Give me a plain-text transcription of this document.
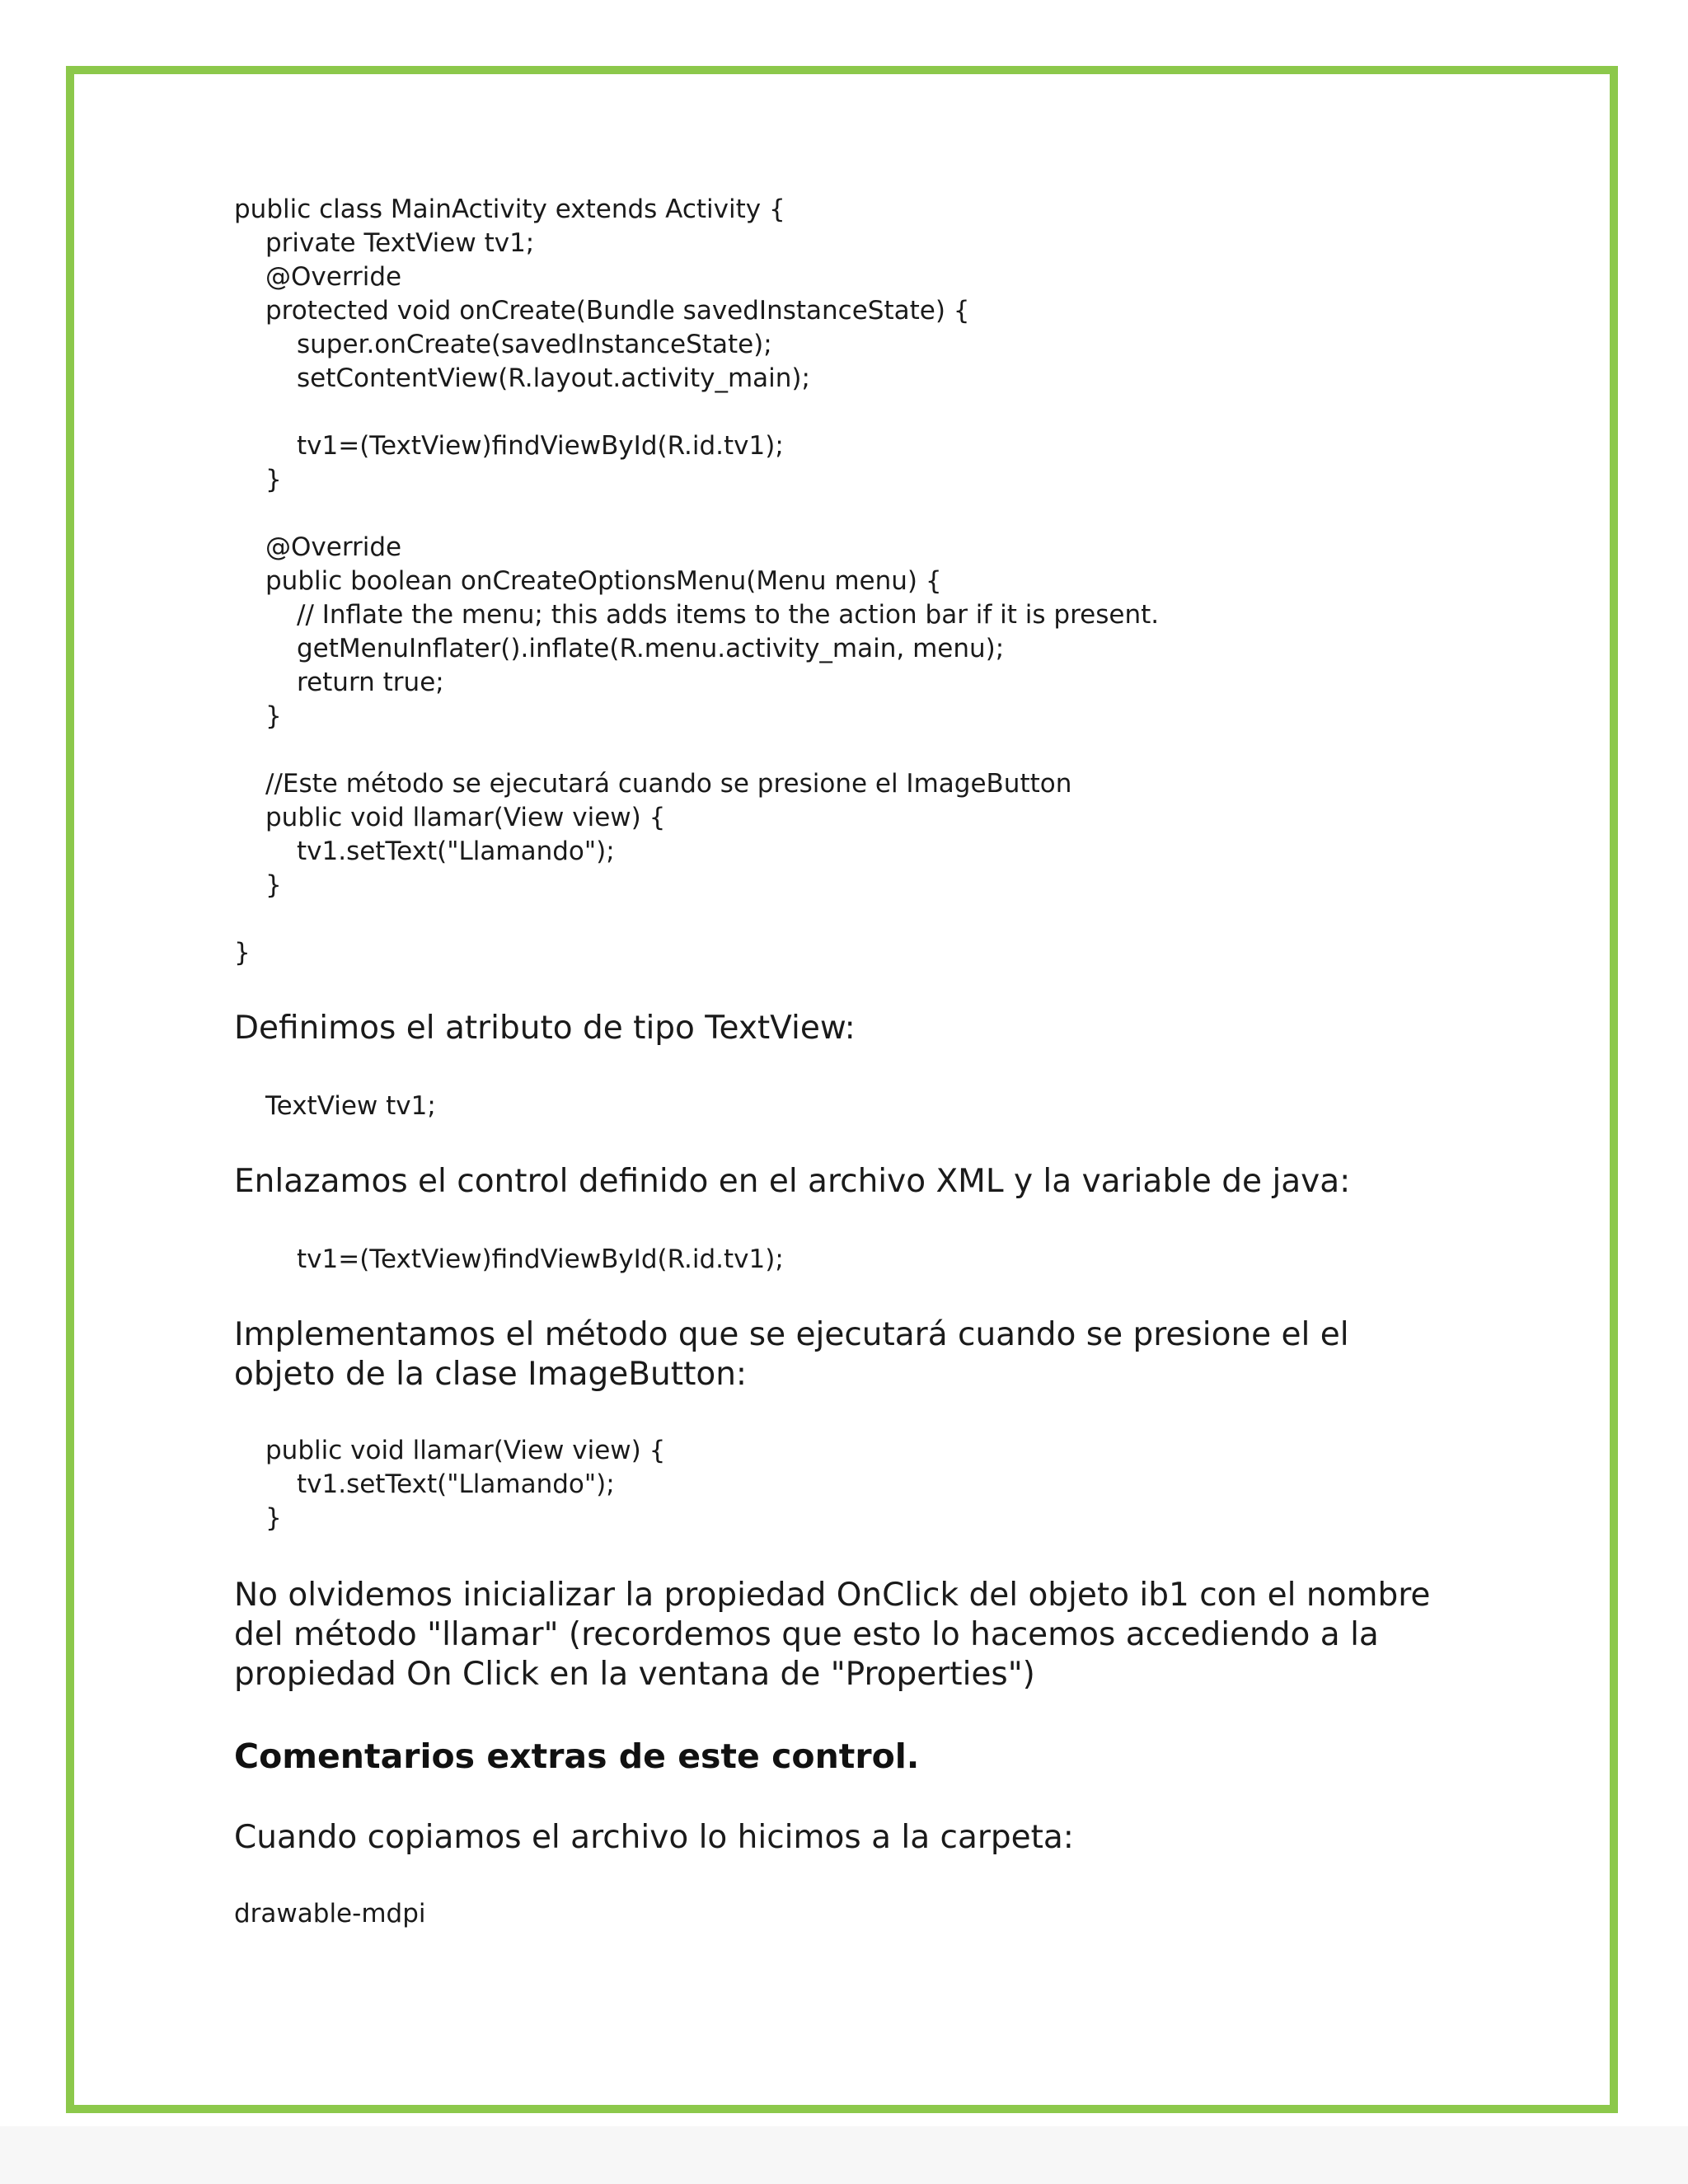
public class MainActivity extends Activity {
private TextView tv1;
@Override
protected void onCreate(Bundle savedInstanceState) {
super.onCreate(savedInstanceState);
setContentView(R.layout.activity_main);
tv1=(TextView)findViewById(R.id.tv1);
}
@Override
public boolean onCreateOptionsMenu(Menu menu) {
// Inflate the menu; this adds items to the action bar if it is present.
getMenuInflater().inflate(R.menu.activity_main, menu);
return true;
}
//Este método se ejecutará cuando se presione el ImageButton
public void llamar(View view) {
tv1.setText("Llamando");
}
}
Definimos el atributo de tipo TextView:
TextView tv1;
Enlazamos el control definido en el archivo XML y la variable de java:
tv1=(TextView)findViewById(R.id.tv1);
Implementamos el método que se ejecutará cuando se presione el el
objeto de la clase ImageButton:
public void llamar(View view) {
tv1.setText("Llamando");
}
No olvidemos inicializar la propiedad OnClick del objeto ib1 con el nombre
del método "llamar" (recordemos que esto lo hacemos accediendo a la
propiedad On Click en la ventana de "Properties")
Comentarios extras de este control.
Cuando copiamos el archivo lo hicimos a la carpeta:
drawable-mdpi
